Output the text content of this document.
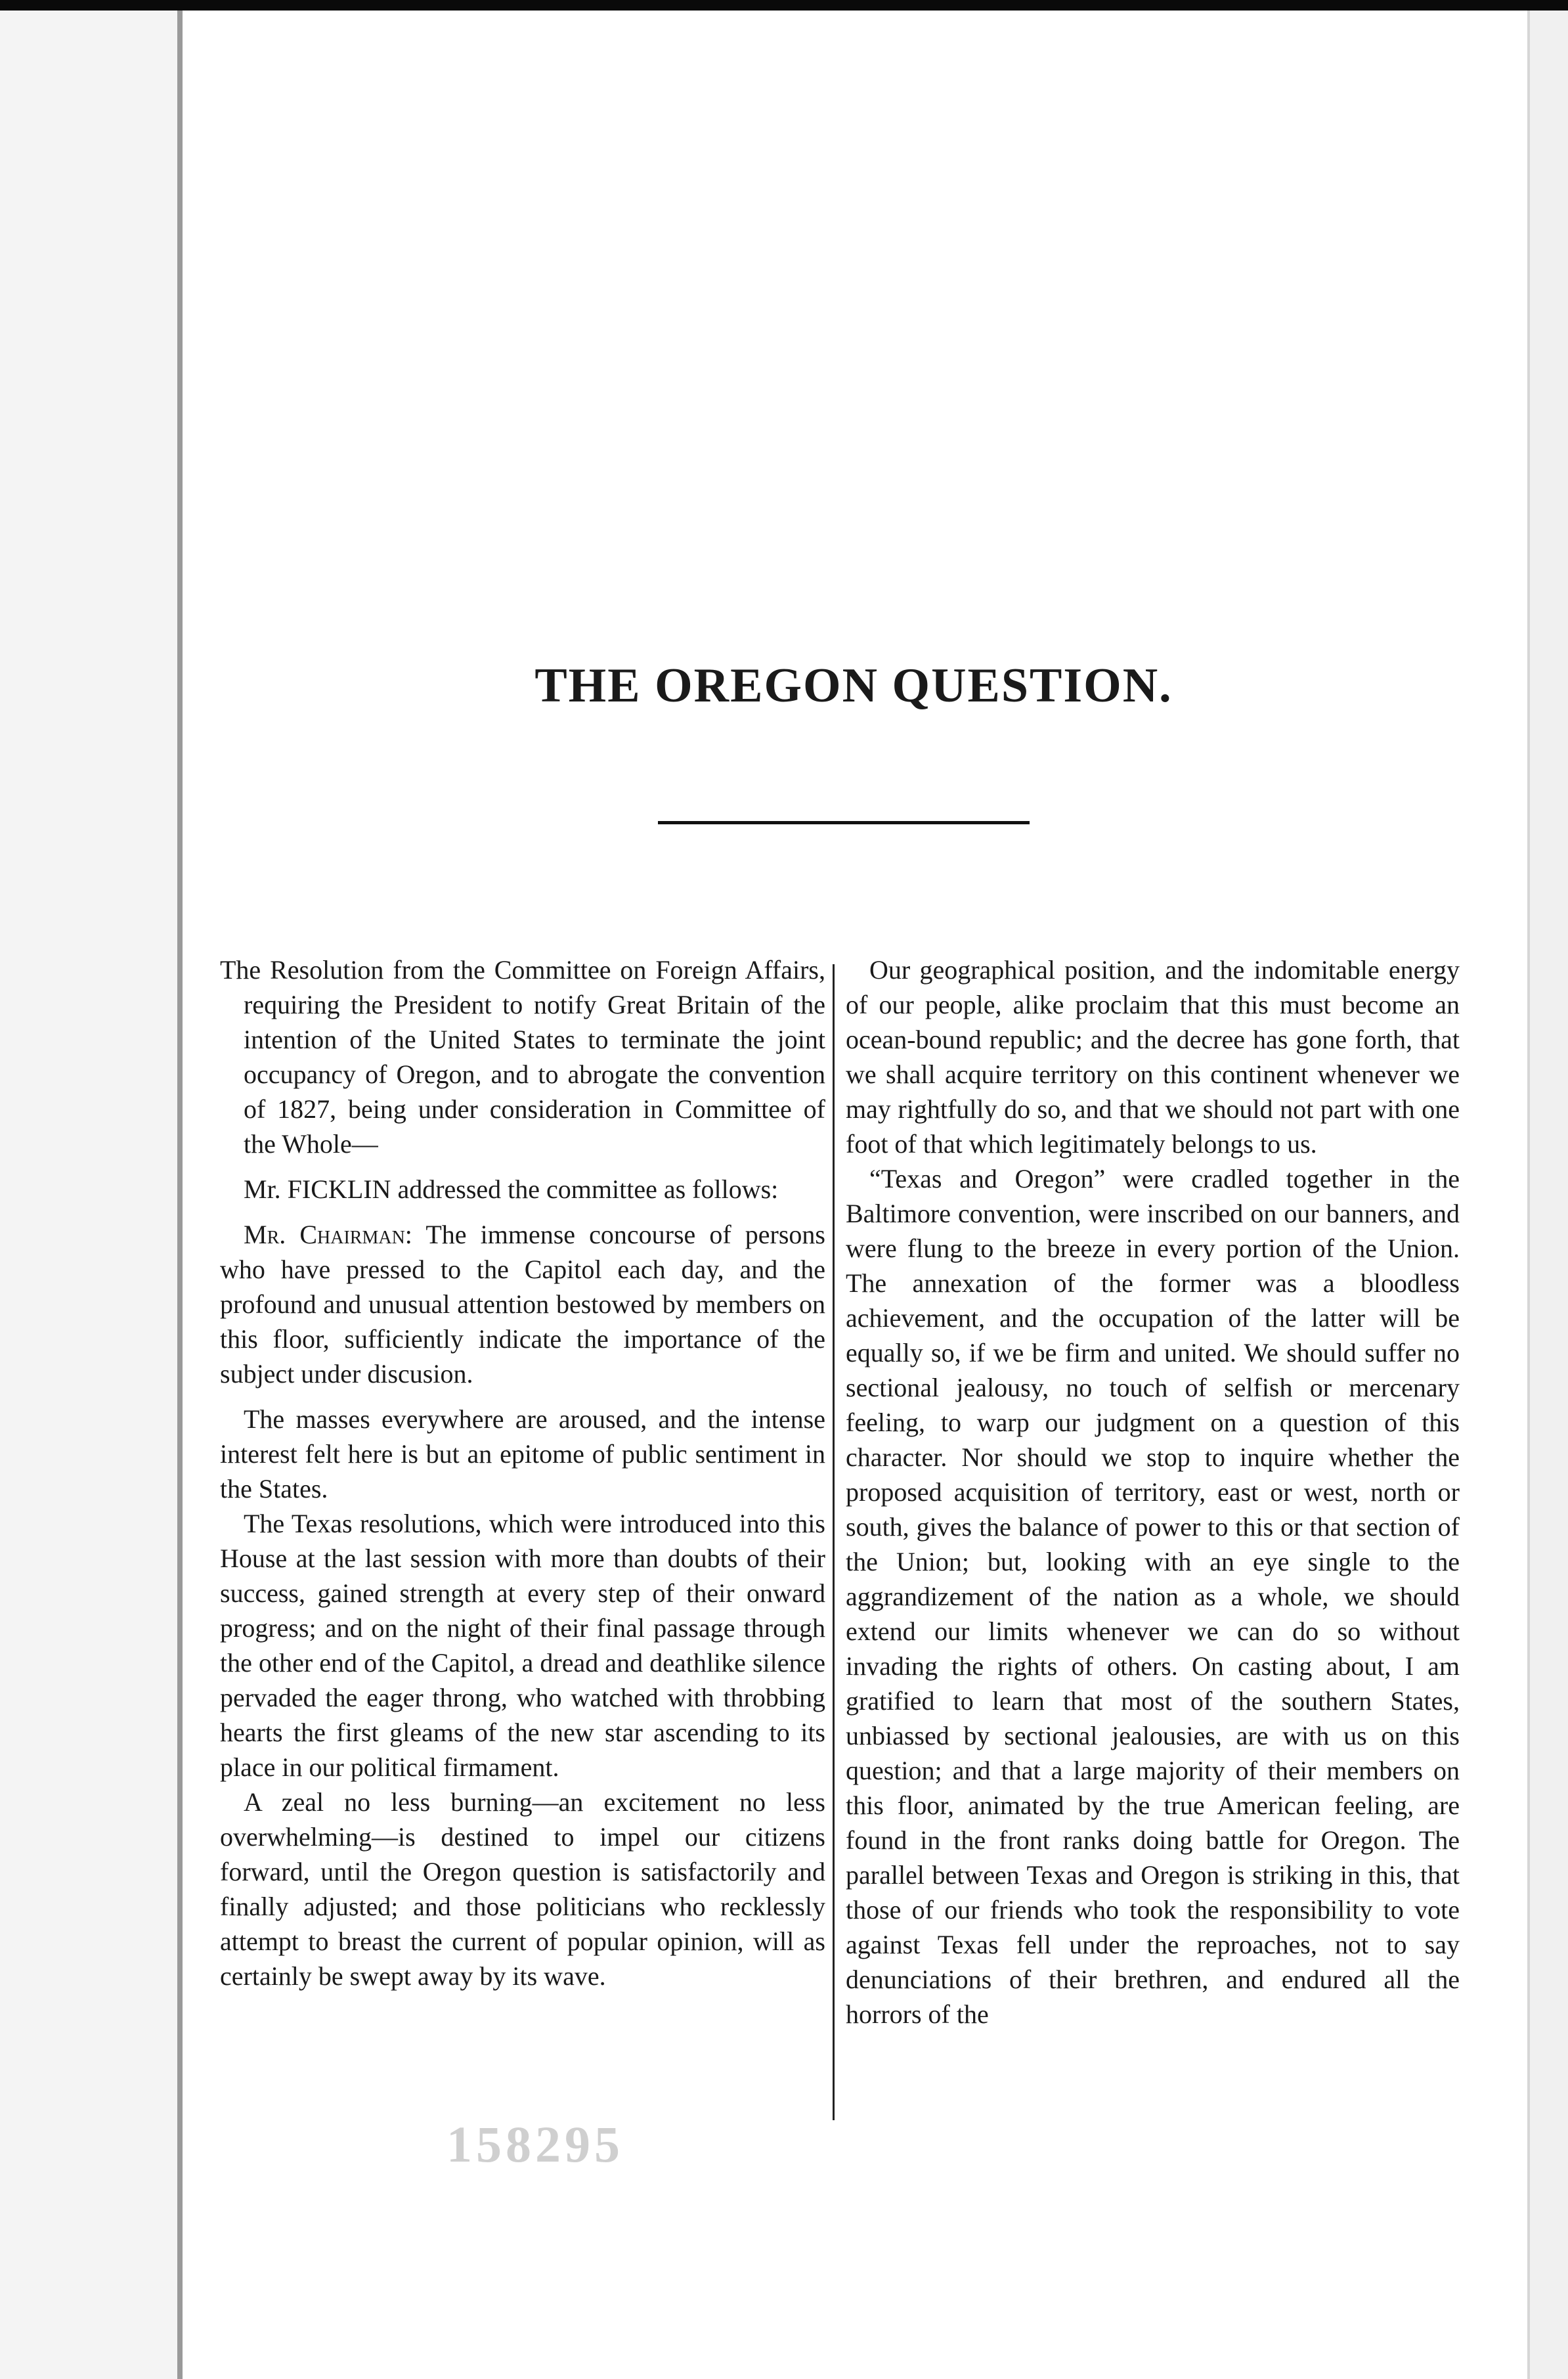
THE OREGON QUESTION.

The Resolution from the Committee on Foreign Affairs, requiring the President to notify Great Britain of the intention of the United States to terminate the joint occupancy of Oregon, and to abrogate the convention of 1827, being under consideration in Committee of the Whole—

Mr. FICKLIN addressed the committee as follows:

Mr. Chairman: The immense concourse of persons who have pressed to the Capitol each day, and the profound and unusual attention bestowed by members on this floor, sufficiently indicate the importance of the subject under discusion.

The masses everywhere are aroused, and the intense interest felt here is but an epitome of public sentiment in the States.

The Texas resolutions, which were introduced into this House at the last session with more than doubts of their success, gained strength at every step of their onward progress; and on the night of their final passage through the other end of the Capitol, a dread and deathlike silence pervaded the eager throng, who watched with throbbing hearts the first gleams of the new star ascending to its place in our political firmament.

A zeal no less burning—an excitement no less overwhelming—is destined to impel our citizens forward, until the Oregon question is satisfactorily and finally adjusted; and those politicians who recklessly attempt to breast the current of popular opinion, will as certainly be swept away by its wave.

Our geographical position, and the indomitable energy of our people, alike proclaim that this must become an ocean-bound republic; and the decree has gone forth, that we shall acquire territory on this continent whenever we may rightfully do so, and that we should not part with one foot of that which legitimately belongs to us.

“Texas and Oregon” were cradled together in the Baltimore convention, were inscribed on our banners, and were flung to the breeze in every portion of the Union. The annexation of the former was a bloodless achievement, and the occupation of the latter will be equally so, if we be firm and united. We should suffer no sectional jealousy, no touch of selfish or mercenary feeling, to warp our judgment on a question of this character. Nor should we stop to inquire whether the proposed acquisition of territory, east or west, north or south, gives the balance of power to this or that section of the Union; but, looking with an eye single to the aggrandizement of the nation as a whole, we should extend our limits whenever we can do so without invading the rights of others. On casting about, I am gratified to learn that most of the southern States, unbiassed by sectional jealousies, are with us on this question; and that a large majority of their members on this floor, animated by the true American feeling, are found in the front ranks doing battle for Oregon. The parallel between Texas and Oregon is striking in this, that those of our friends who took the responsibility to vote against Texas fell under the reproaches, not to say denunciations of their brethren, and endured all the horrors of the

158295
